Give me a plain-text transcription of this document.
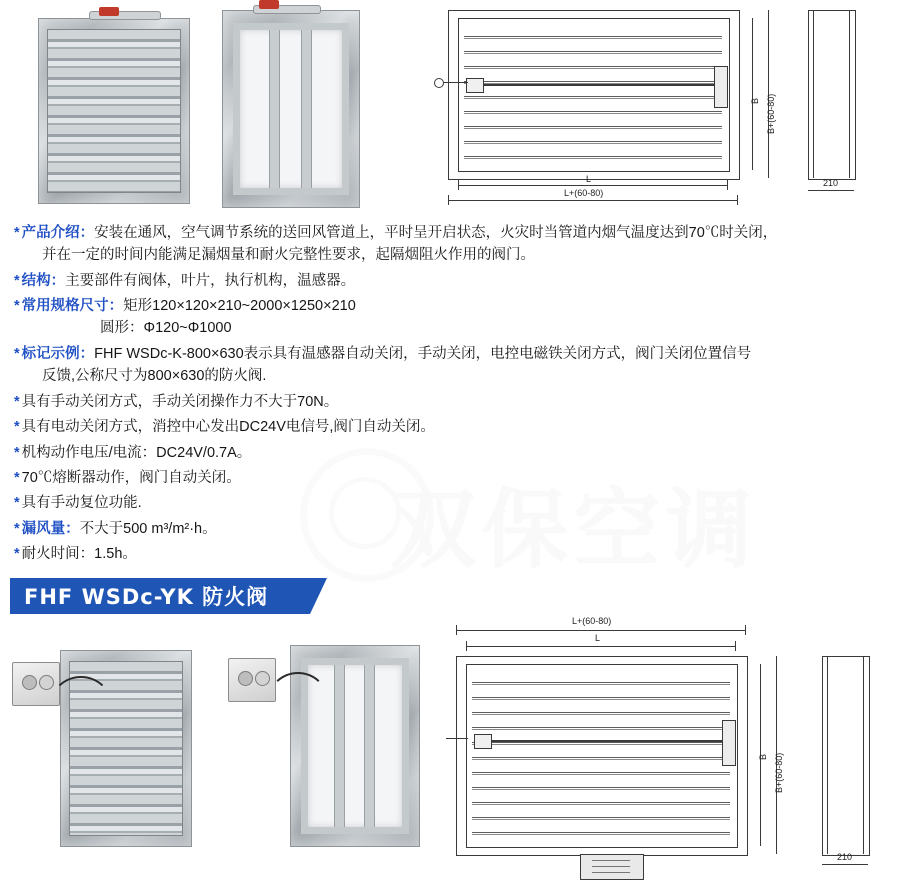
双保空调
L
L+(60-80)
B B+(60-80)
210
* 产品介绍：安装在通风，空气调节系统的送回风管道上，平时呈开启状态，火灾时当管道内烟气温度达到70℃时关闭，
并在一定的时间内能满足漏烟量和耐火完整性要求，起隔烟阻火作用的阀门。
* 结构：主要部件有阀体，叶片，执行机构，温感器。
* 常用规格尺寸：矩形120×120×210~2000×1250×210
圆形：Φ120~Φ1000
* 标记示例：FHF WSDc-K-800×630表示具有温感器自动关闭，手动关闭，电控电磁铁关闭方式，阀门关闭位置信号
反馈,公称尺寸为800×630的防火阀.
* 具有手动关闭方式，手动关闭操作力不大于70N。
* 具有电动关闭方式，消控中心发出DC24V电信号,阀门自动关闭。
* 机构动作电压/电流：DC24V/0.7A。
* 70℃熔断器动作，阀门自动关闭。
* 具有手动复位功能.
* 漏风量：不大于500 m³/m²·h。
* 耐火时间：1.5h。
FHF WSDc-YK 防火阀
L+(60-80)
L
B B+(60-80)
210
